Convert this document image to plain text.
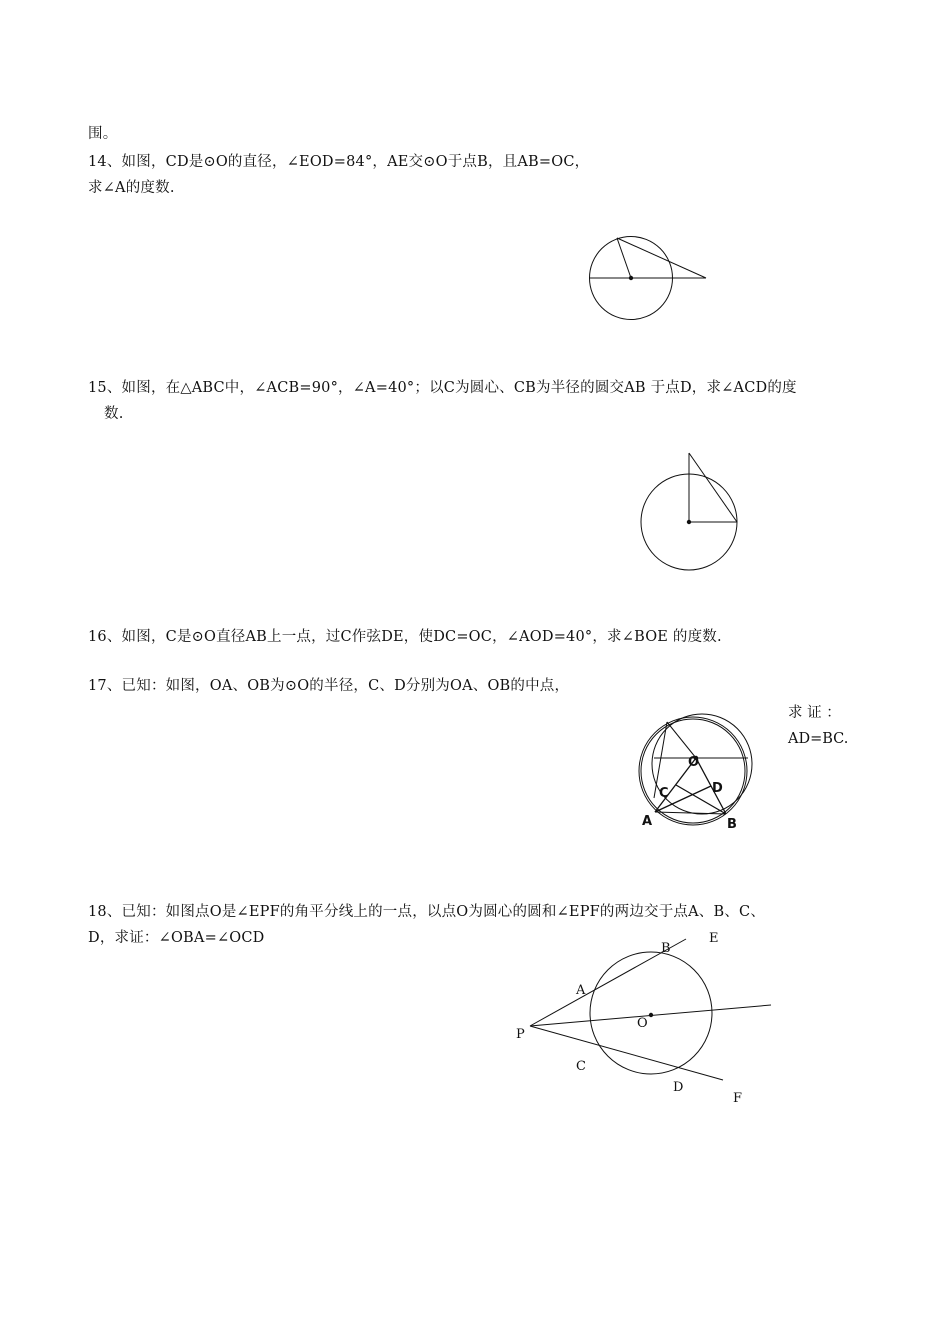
围。
14、如图，CD是⊙O的直径，∠EOD=84°，AE交⊙O于点B，且AB=OC，
求∠A的度数.
15、如图，在△ABC中，∠ACB=90°，∠A=40°；以C为圆心、CB为半径的圆交AB 于点D，求∠ACD的度
数.
16、如图，C是⊙O直径AB上一点，过C作弦DE，使DC=OC，∠AOD=40°，求∠BOE 的度数.
17、已知：如图，OA、OB为⊙O的半径，C、D分别为OA、OB的中点，
求 证 ：
AD=BC.
O
C	D
A	B
18、已知：如图点O是∠EPF的角平分线上的一点，以点O为圆心的圆和∠EPF的两边交于点A、B、C、
D，求证：∠OBA=∠OCD
B
E
A
O
P
C
D
F
